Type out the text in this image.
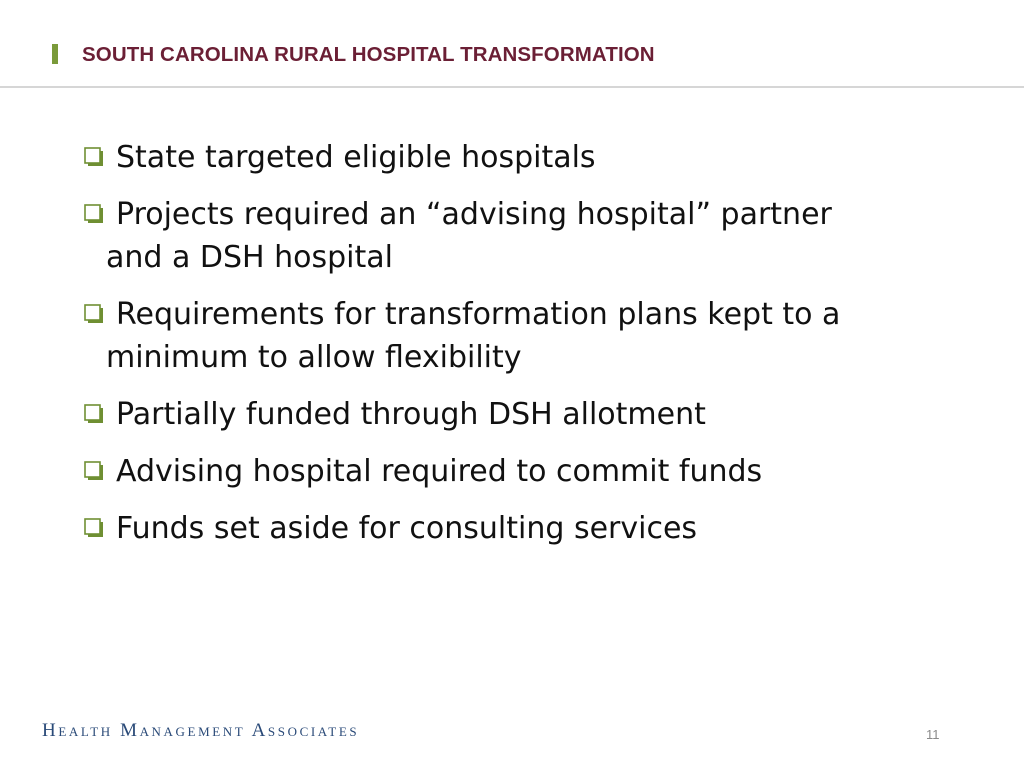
SOUTH CAROLINA RURAL HOSPITAL TRANSFORMATION
State targeted eligible hospitals
Projects required an “advising hospital” partner
and a DSH hospital
Requirements for transformation plans kept to a
minimum to allow flexibility
Partially funded through DSH allotment
Advising hospital required to commit funds
Funds set aside for consulting services
Health Management Associates	11
